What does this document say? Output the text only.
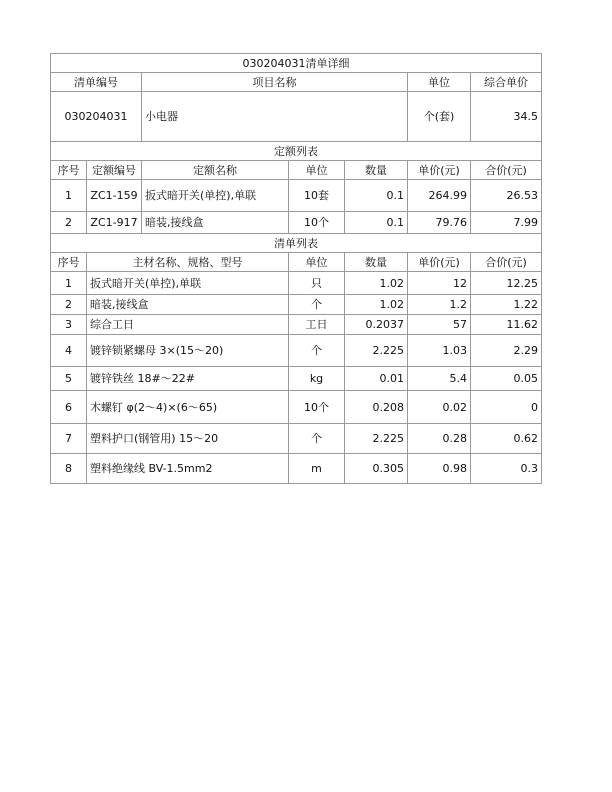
030204031清单详细						
清单编号		项目名称			单位	综合单价
030204031		小电器			个(套)	34.5
定额列表						
序号	定额编号	定额名称	单位	数量	单价(元)	合价(元)
1	ZC1-159	扳式暗开关(单控),单联	10套	0.1	264.99	26.53
2	ZC1-917	暗装,接线盒	10个	0.1	79.76	7.99
清单列表						
序号	主材名称、规格、型号		单位	数量	单价(元)	合价(元)
1	扳式暗开关(单控),单联		只	1.02	12	12.25
2	暗装,接线盒		个	1.02	1.2	1.22
3	综合工日		工日	0.2037	57	11.62
4	镀锌锁紧螺母 3×(15～20)		个	2.225	1.03	2.29
5	镀锌铁丝 18#～22#		kg	0.01	5.4	0.05
6	木螺钉 φ(2～4)×(6～65)		10个	0.208	0.02	0
7	塑料护口(钢管用) 15～20		个	2.225	0.28	0.62
8	塑料绝缘线 BV-1.5mm2		m	0.305	0.98	0.3
